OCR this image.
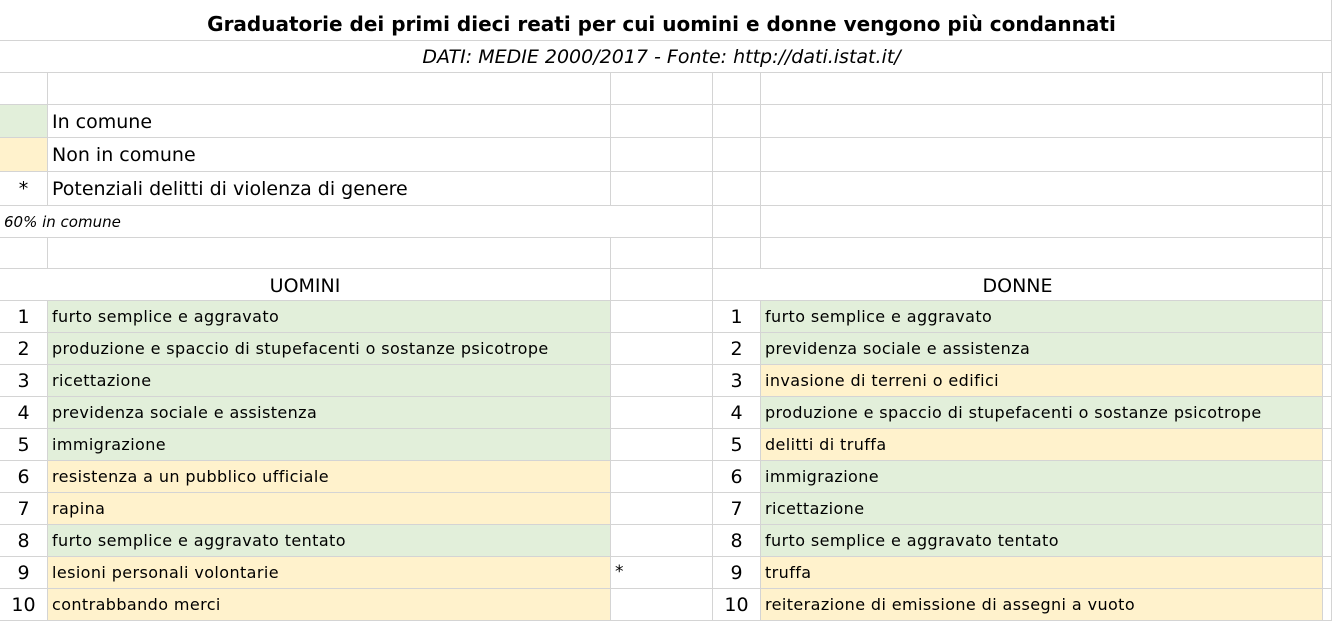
Graduatorie dei primi dieci reati per cui uomini e donne vengono più condannati
DATI: MEDIE 2000/2017 - Fonte: http://dati.istat.it/
In comune
Non in comune
*	Potenziali delitti di violenza di genere
60% in comune
UOMINI	DONNE
1	furto semplice e aggravato	1	furto semplice e aggravato
2	produzione e spaccio di stupefacenti o sostanze psicotrope	2	previdenza sociale e assistenza
3	ricettazione	3	invasione di terreni o edifici
4	previdenza sociale e assistenza	4	produzione e spaccio di stupefacenti o sostanze psicotrope
5	immigrazione	5	delitti di truffa
6	resistenza a un pubblico ufficiale	6	immigrazione
7	rapina	7	ricettazione
8	furto semplice e aggravato tentato	8	furto semplice e aggravato tentato
9	lesioni personali volontarie	*	9	truffa
10	contrabbando merci	10	reiterazione di emissione di assegni a vuoto
